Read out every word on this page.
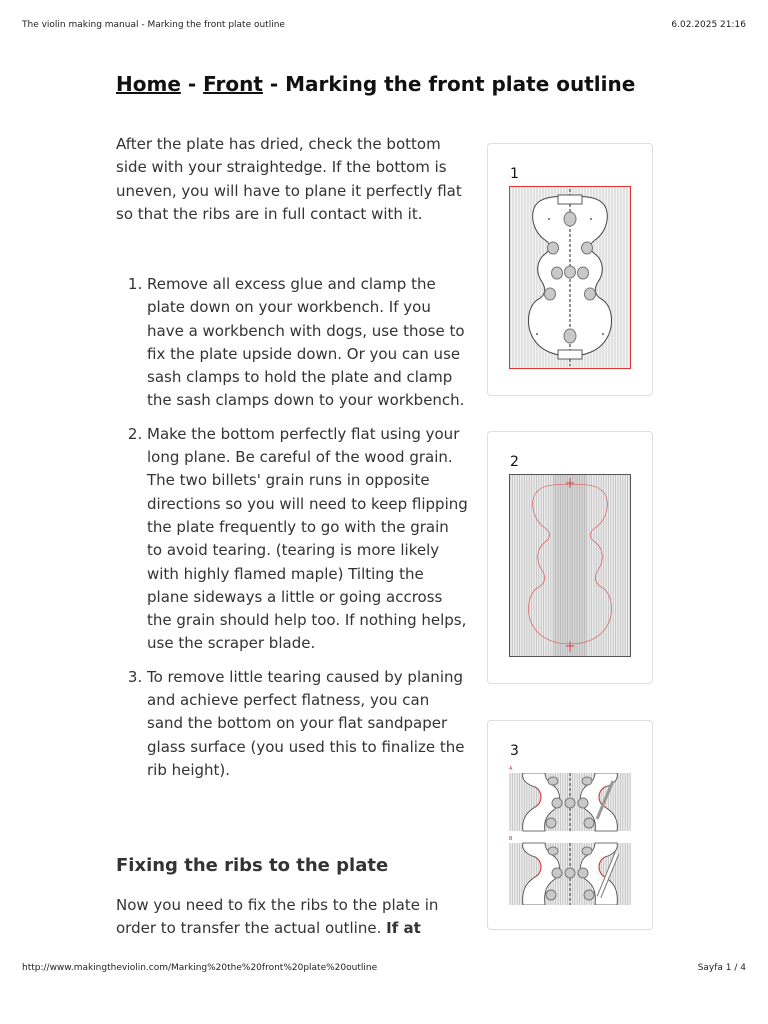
The violin making manual - Marking the front plate outline	6.02.2025 21:16
Home - Front - Marking the front plate outline

After the plate has dried, check the bottom side with your straightedge. If the bottom is uneven, you will have to plane it perfectly flat so that the ribs are in full contact with it.

1. Remove all excess glue and clamp the plate down on your workbench. If you have a workbench with dogs, use those to fix the plate upside down. Or you can use sash clamps to hold the plate and clamp the sash clamps down to your workbench.
2. Make the bottom perfectly flat using your long plane. Be careful of the wood grain. The two billets' grain runs in opposite directions so you will need to keep flipping the plate frequently to go with the grain to avoid tearing. (tearing is more likely with highly flamed maple) Tilting the plane sideways a little or going accross the grain should help too. If nothing helps, use the scraper blade.
3. To remove little tearing caused by planing and achieve perfect flatness, you can sand the bottom on your flat sandpaper glass surface (you used this to finalize the rib height).
Fixing the ribs to the plate

Now you need to fix the ribs to the plate in order to transfer the actual outline. If at

1
2
3
A
B
http://www.makingtheviolin.com/Marking%20the%20front%20plate%20outline	Sayfa 1 / 4
